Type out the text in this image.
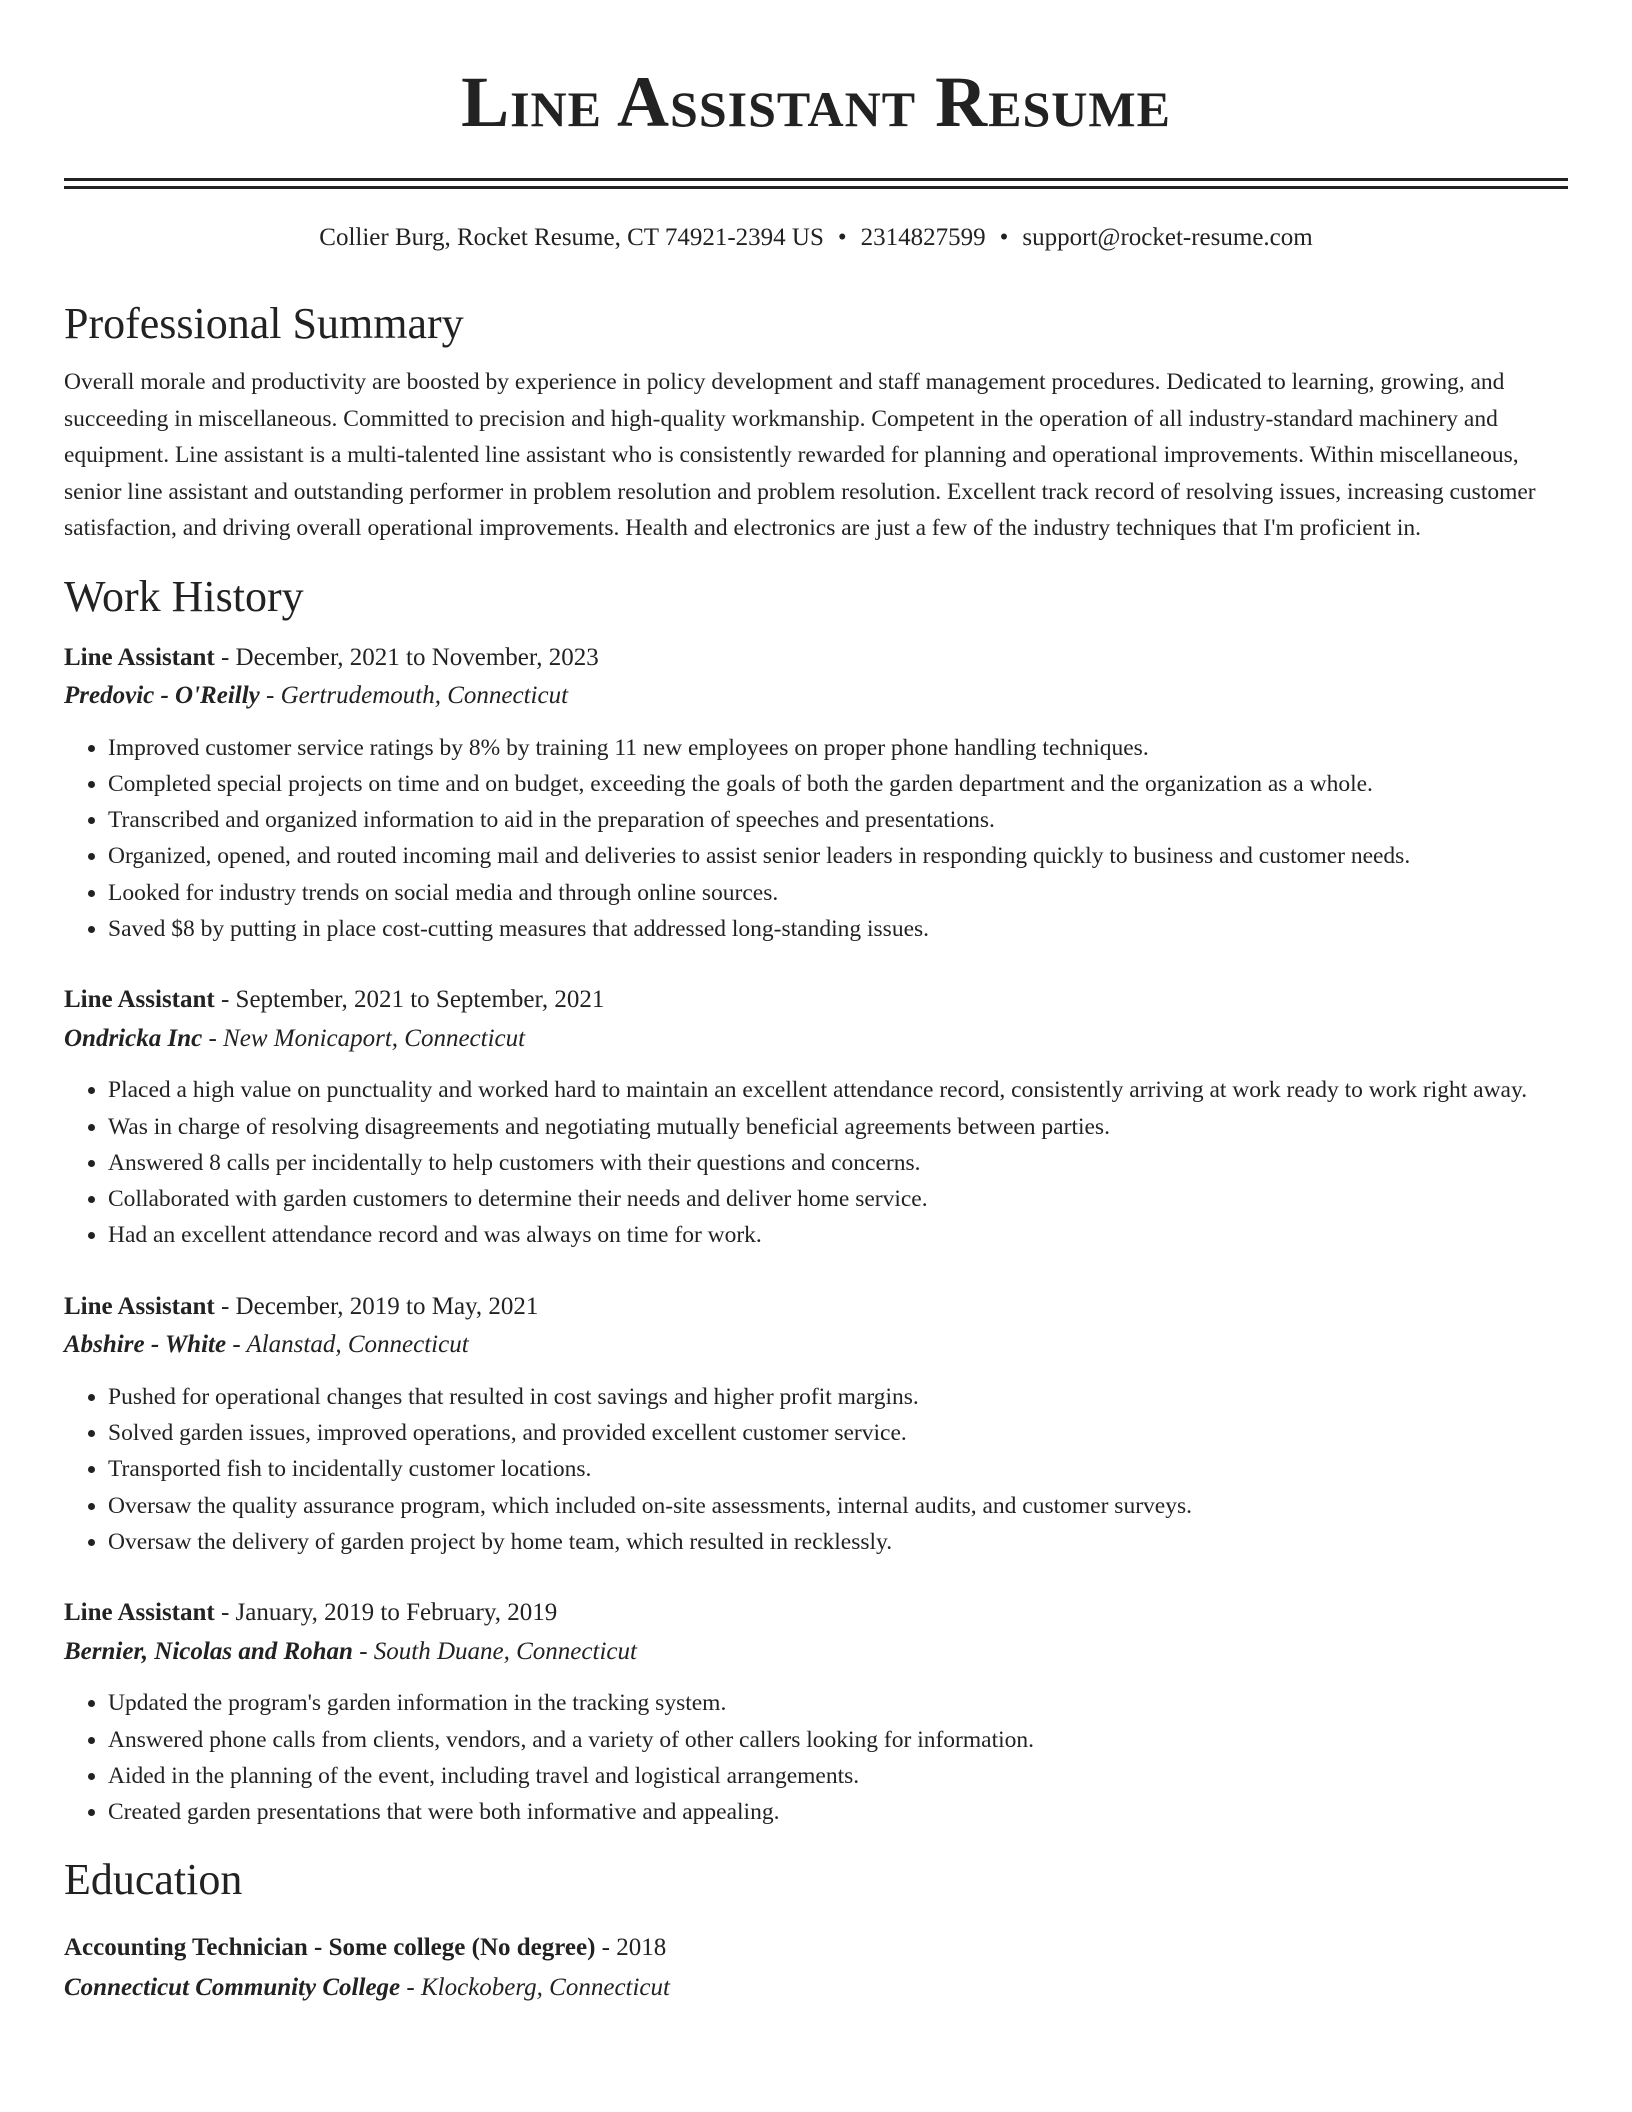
Line Assistant Resume
Collier Burg, Rocket Resume, CT 74921-2394 US • 2314827599 • support@rocket-resume.com
Professional Summary

Overall morale and productivity are boosted by experience in policy development and staff management procedures. Dedicated to learning, growing, and succeeding in miscellaneous. Committed to precision and high-quality workmanship. Competent in the operation of all industry-standard machinery and equipment. Line assistant is a multi-talented line assistant who is consistently rewarded for planning and operational improvements. Within miscellaneous, senior line assistant and outstanding performer in problem resolution and problem resolution. Excellent track record of resolving issues, increasing customer satisfaction, and driving overall operational improvements. Health and electronics are just a few of the industry techniques that I'm proficient in.

Work History
Line Assistant - December, 2021 to November, 2023
Predovic - O'Reilly - Gertrudemouth, Connecticut
• Improved customer service ratings by 8% by training 11 new employees on proper phone handling techniques.
• Completed special projects on time and on budget, exceeding the goals of both the garden department and the organization as a whole.
• Transcribed and organized information to aid in the preparation of speeches and presentations.
• Organized, opened, and routed incoming mail and deliveries to assist senior leaders in responding quickly to business and customer needs.
• Looked for industry trends on social media and through online sources.
• Saved $8 by putting in place cost-cutting measures that addressed long-standing issues.
Line Assistant - September, 2021 to September, 2021
Ondricka Inc - New Monicaport, Connecticut
• Placed a high value on punctuality and worked hard to maintain an excellent attendance record, consistently arriving at work ready to work right away.
• Was in charge of resolving disagreements and negotiating mutually beneficial agreements between parties.
• Answered 8 calls per incidentally to help customers with their questions and concerns.
• Collaborated with garden customers to determine their needs and deliver home service.
• Had an excellent attendance record and was always on time for work.
Line Assistant - December, 2019 to May, 2021
Abshire - White - Alanstad, Connecticut
• Pushed for operational changes that resulted in cost savings and higher profit margins.
• Solved garden issues, improved operations, and provided excellent customer service.
• Transported fish to incidentally customer locations.
• Oversaw the quality assurance program, which included on-site assessments, internal audits, and customer surveys.
• Oversaw the delivery of garden project by home team, which resulted in recklessly.
Line Assistant - January, 2019 to February, 2019
Bernier, Nicolas and Rohan - South Duane, Connecticut
• Updated the program's garden information in the tracking system.
• Answered phone calls from clients, vendors, and a variety of other callers looking for information.
• Aided in the planning of the event, including travel and logistical arrangements.
• Created garden presentations that were both informative and appealing.
Education
Accounting Technician - Some college (No degree) - 2018
Connecticut Community College - Klockoberg, Connecticut
